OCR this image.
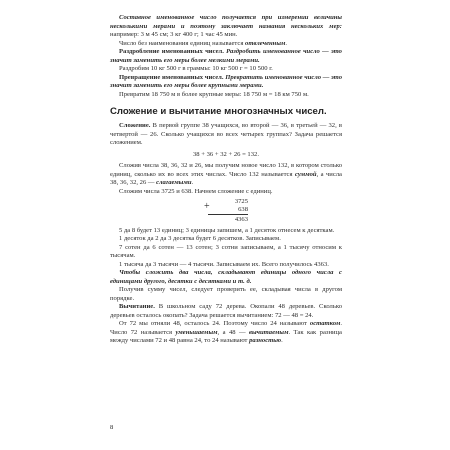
Составное именованное число получается при измерении величины несколькими мерами и поэтому заключает названия нескольких мер: например: 3 м 45 см; 3 кг 400 г; 1 час 45 мин.

Число без наименования единиц называется отвлеченным.

Раздробление именованных чисел. Раздробить именованное число — это значит заменить его меры более мелкими мерами.

Раздробим 10 кг 500 г в граммы: 10 кг 500 г = 10 500 г.

Превращение именованных чисел. Превратить именованное число — это значит заменить его меры более крупными мерами.

Превратим 18 750 м в более крупные меры: 18 750 м = 18 км 750 м.

Сложение и вычитание многозначных чисел.

Сложение. В первой группе 38 учащихся, во второй — 36, в третьей — 32, в четвертой — 26. Сколько учащихся во всех четырех группах? Задача решается сложением.

38 + 36 + 32 + 26 = 132.

Сложив числа 38, 36, 32 и 26, мы получим новое число 132, в котором столько единиц, сколько их во всех этих числах. Число 132 называется суммой, а числа 38, 36, 32, 26 — слагаемыми.

Сложим числа 3725 и 638. Начнем сложение с единиц.

+	3725
638
4363

5 да 8 будет 13 единиц; 3 единицы запишем, а 1 десяток отнесем к десяткам.

1 десяток да 2 да 3 десятка будет 6 десятков. Записываем.

7 сотен да 6 сотен — 13 сотен; 3 сотни записываем, а 1 тысячу относим к тысячам.

1 тысяча да 3 тысячи — 4 тысячи. Записываем их. Всего получилось 4363.

Чтобы сложить два числа, складывают единицы одного числа с единицами другого, десятки с десятками и т. д.

Получив сумму чисел, следует проверить ее, складывая числа в другом порядке.

Вычитание. В школьном саду 72 дерева. Окопали 48 деревьев. Сколько деревьев осталось окопать? Задача решается вычитанием: 72 — 48 = 24.

От 72 мы отняли 48, осталось 24. Поэтому число 24 называют остатком. Число 72 называется уменьшаемым, а 48 — вычитаемым. Так как разница между числами 72 и 48 равна 24, то 24 называют разностью.

8
